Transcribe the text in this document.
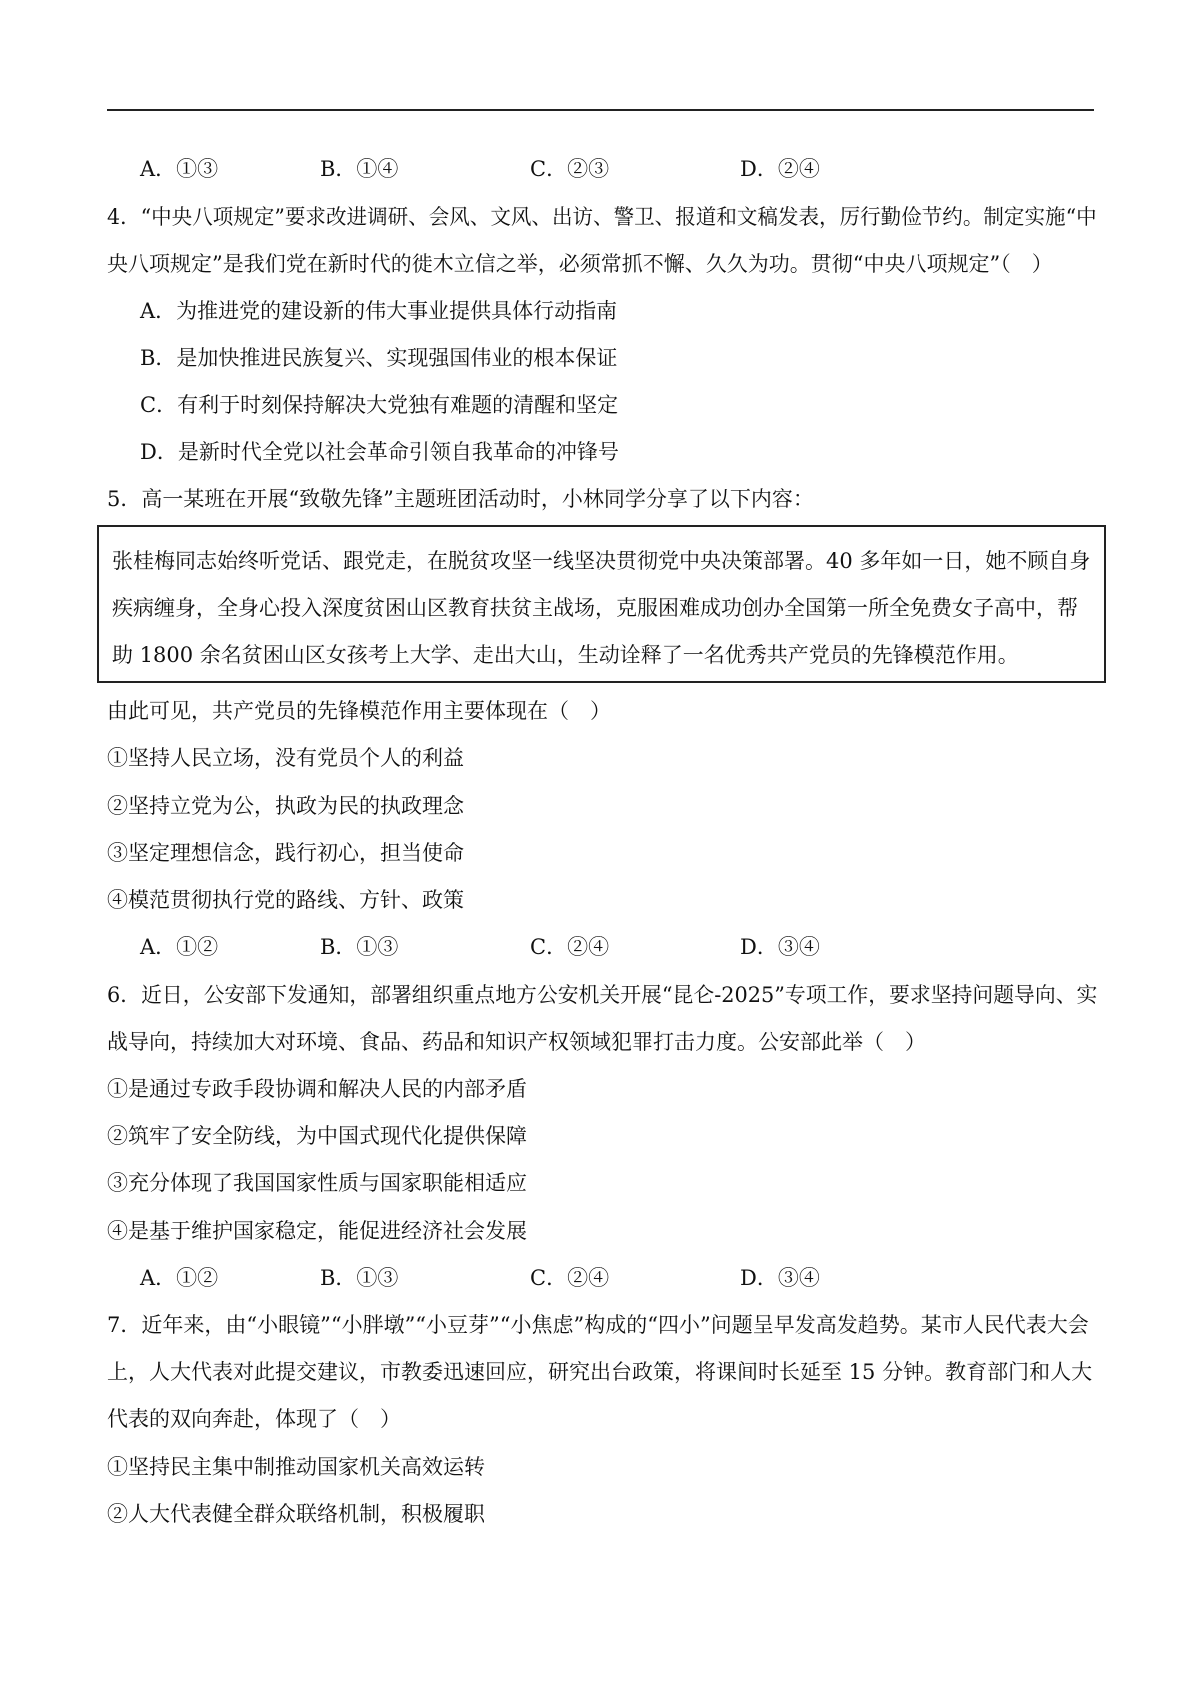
A．①③	B．①④	C．②③	D．②④
4．“中央八项规定”要求改进调研、会风、文风、出访、警卫、报道和文稿发表，厉行勤俭节约。制定实施“中
央八项规定”是我们党在新时代的徙木立信之举，必须常抓不懈、久久为功。贯彻“中央八项规定”（　）
A．为推进党的建设新的伟大事业提供具体行动指南
B．是加快推进民族复兴、实现强国伟业的根本保证
C．有利于时刻保持解决大党独有难题的清醒和坚定
D．是新时代全党以社会革命引领自我革命的冲锋号
5．高一某班在开展“致敬先锋”主题班团活动时，小林同学分享了以下内容：
张桂梅同志始终听党话、跟党走，在脱贫攻坚一线坚决贯彻党中央决策部署。40 多年如一日，她不顾自身
疾病缠身，全身心投入深度贫困山区教育扶贫主战场，克服困难成功创办全国第一所全免费女子高中，帮
助 1800 余名贫困山区女孩考上大学、走出大山，生动诠释了一名优秀共产党员的先锋模范作用。
由此可见，共产党员的先锋模范作用主要体现在（　）
①坚持人民立场，没有党员个人的利益
②坚持立党为公，执政为民的执政理念
③坚定理想信念，践行初心，担当使命
④模范贯彻执行党的路线、方针、政策
A．①②	B．①③	C．②④	D．③④
6．近日，公安部下发通知，部署组织重点地方公安机关开展“昆仑-2025”专项工作，要求坚持问题导向、实
战导向，持续加大对环境、食品、药品和知识产权领域犯罪打击力度。公安部此举（　）
①是通过专政手段协调和解决人民的内部矛盾
②筑牢了安全防线，为中国式现代化提供保障
③充分体现了我国国家性质与国家职能相适应
④是基于维护国家稳定，能促进经济社会发展
A．①②	B．①③	C．②④	D．③④
7．近年来，由“小眼镜”“小胖墩”“小豆芽”“小焦虑”构成的“四小”问题呈早发高发趋势。某市人民代表大会
上，人大代表对此提交建议，市教委迅速回应，研究出台政策，将课间时长延至 15 分钟。教育部门和人大
代表的双向奔赴，体现了（　）
①坚持民主集中制推动国家机关高效运转
②人大代表健全群众联络机制，积极履职
